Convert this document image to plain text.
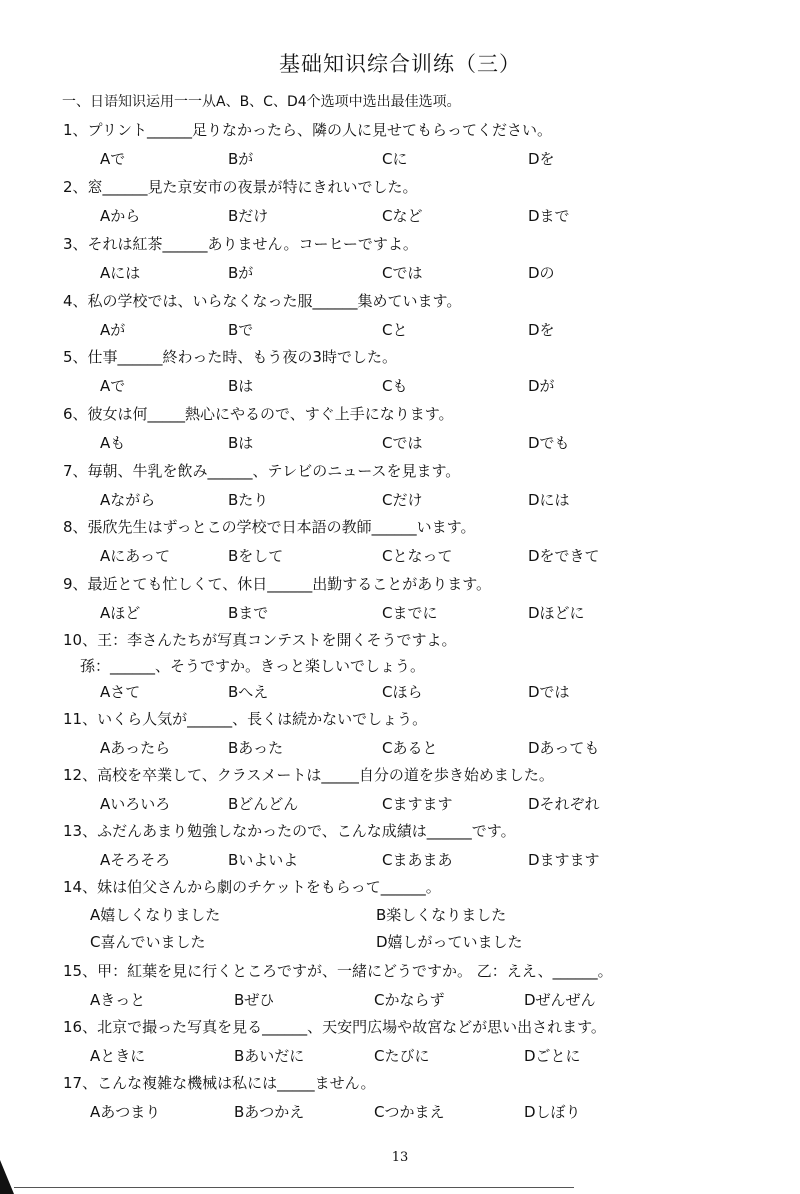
基础知识综合训练（三）
一、日语知识运用一一从A、B、C、D4个选项中选出最佳选项。
1、プリント______足りなかったら、隣の人に見せてもらってください。
Aで	Bが	Cに	Dを
2、窓______見た京安市の夜景が特にきれいでした。
Aから	Bだけ	Cなど	Dまで
3、それは紅茶______ありません。コーヒーですよ。
Aには	Bが	Cでは	Dの
4、私の学校では、いらなくなった服______集めています。
Aが	Bで	Cと	Dを
5、仕事______終わった時、もう夜の3時でした。
Aで	Bは	Cも	Dが
6、彼女は何_____熱心にやるので、すぐ上手になります。
Aも	Bは	Cでは	Dでも
7、毎朝、牛乳を飲み______、テレビのニュースを見ます。
Aながら	Bたり	Cだけ	Dには
8、張欣先生はずっとこの学校で日本語の教師______います。
Aにあって	Bをして	Cとなって	Dをできて
9、最近とても忙しくて、休日______出勤することがあります。
Aほど	Bまで	Cまでに	Dほどに
10、王：李さんたちが写真コンテストを開くそうですよ。
孫：______、そうですか。きっと楽しいでしょう。
Aさて	Bへえ	Cほら	Dでは
11、いくら人気が______、長くは続かないでしょう。
Aあったら	Bあった	Cあると	Dあっても
12、高校を卒業して、クラスメートは_____自分の道を歩き始めました。
Aいろいろ	Bどんどん	Cますます	Dそれぞれ
13、ふだんあまり勉強しなかったので、こんな成績は______です。
Aそろそろ	Bいよいよ	Cまあまあ	Dますます
14、妹は伯父さんから劇のチケットをもらって______。
A嬉しくなりました	B楽しくなりました
C喜んでいました	D嬉しがっていました
15、甲：紅葉を見に行くところですが、一緒にどうですか。 乙：ええ、______。
Aきっと	Bぜひ	Cかならず	Dぜんぜん
16、北京で撮った写真を見る______、天安門広場や故宮などが思い出されます。
Aときに	Bあいだに	Cたびに	Dごとに
17、こんな複雑な機械は私には_____ません。
Aあつまり	Bあつかえ	Cつかまえ	Dしぼり
13
